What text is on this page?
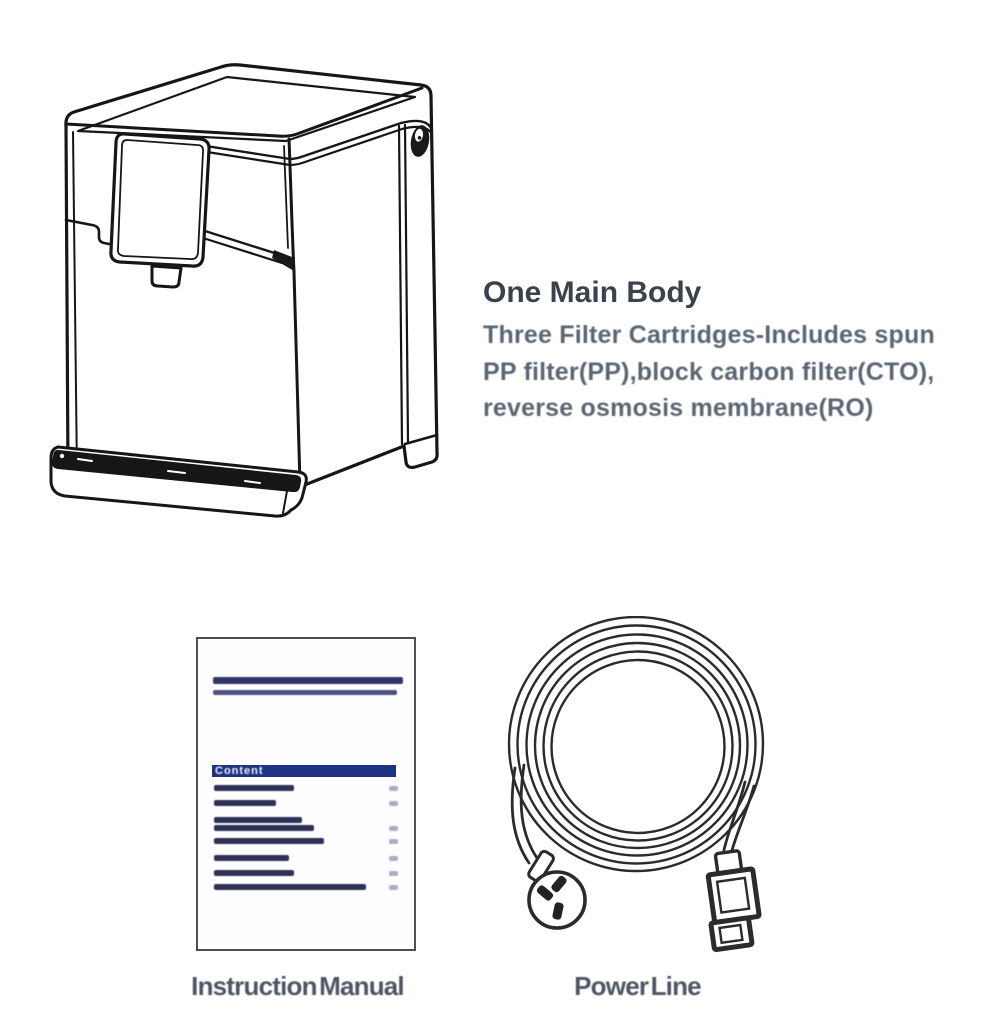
One Main Body
Three Filter Cartridges-Includes spun
PP filter(PP),block carbon filter(CTO),
reverse osmosis membrane(RO)
Content
Instruction Manual	Power Line
